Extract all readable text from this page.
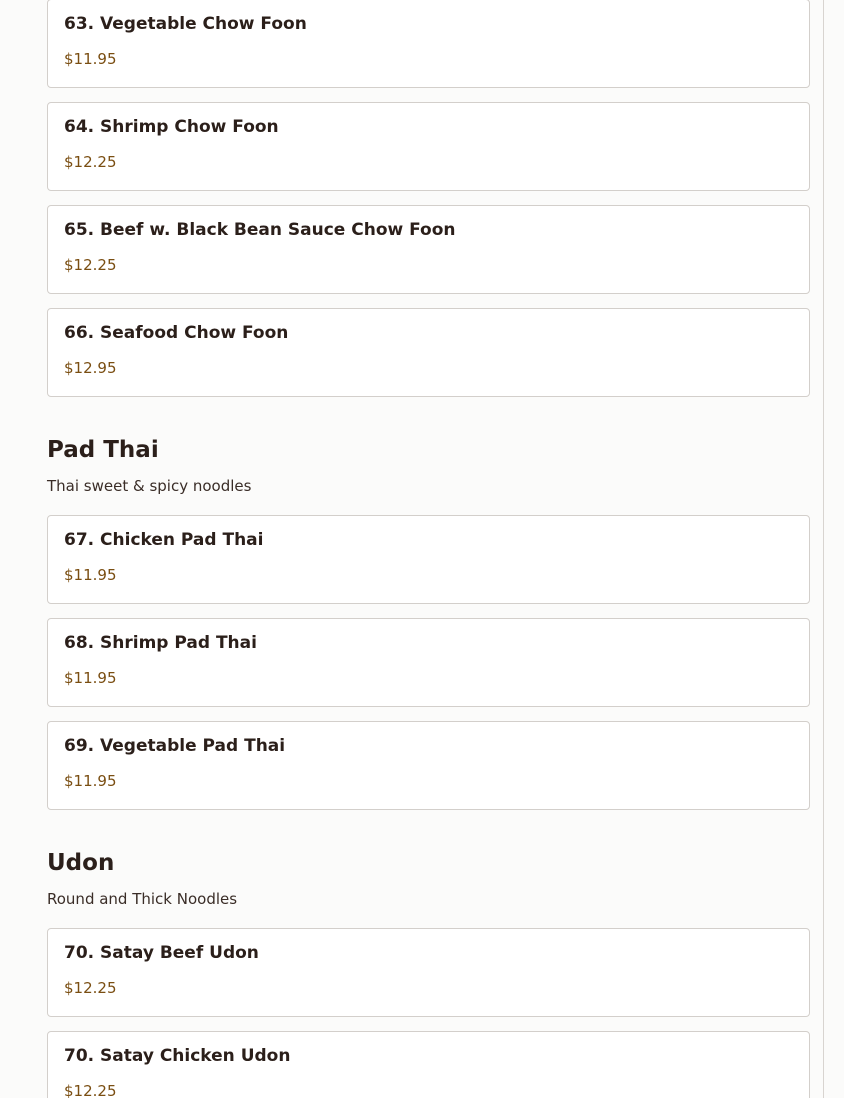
63. Vegetable Chow Foon
$11.95
64. Shrimp Chow Foon
$12.25
65. Beef w. Black Bean Sauce Chow Foon
$12.25
66. Seafood Chow Foon
$12.95
Pad Thai
Thai sweet & spicy noodles
67. Chicken Pad Thai
$11.95
68. Shrimp Pad Thai
$11.95
69. Vegetable Pad Thai
$11.95
Udon
Round and Thick Noodles
70. Satay Beef Udon
$12.25
70. Satay Chicken Udon
$12.25
